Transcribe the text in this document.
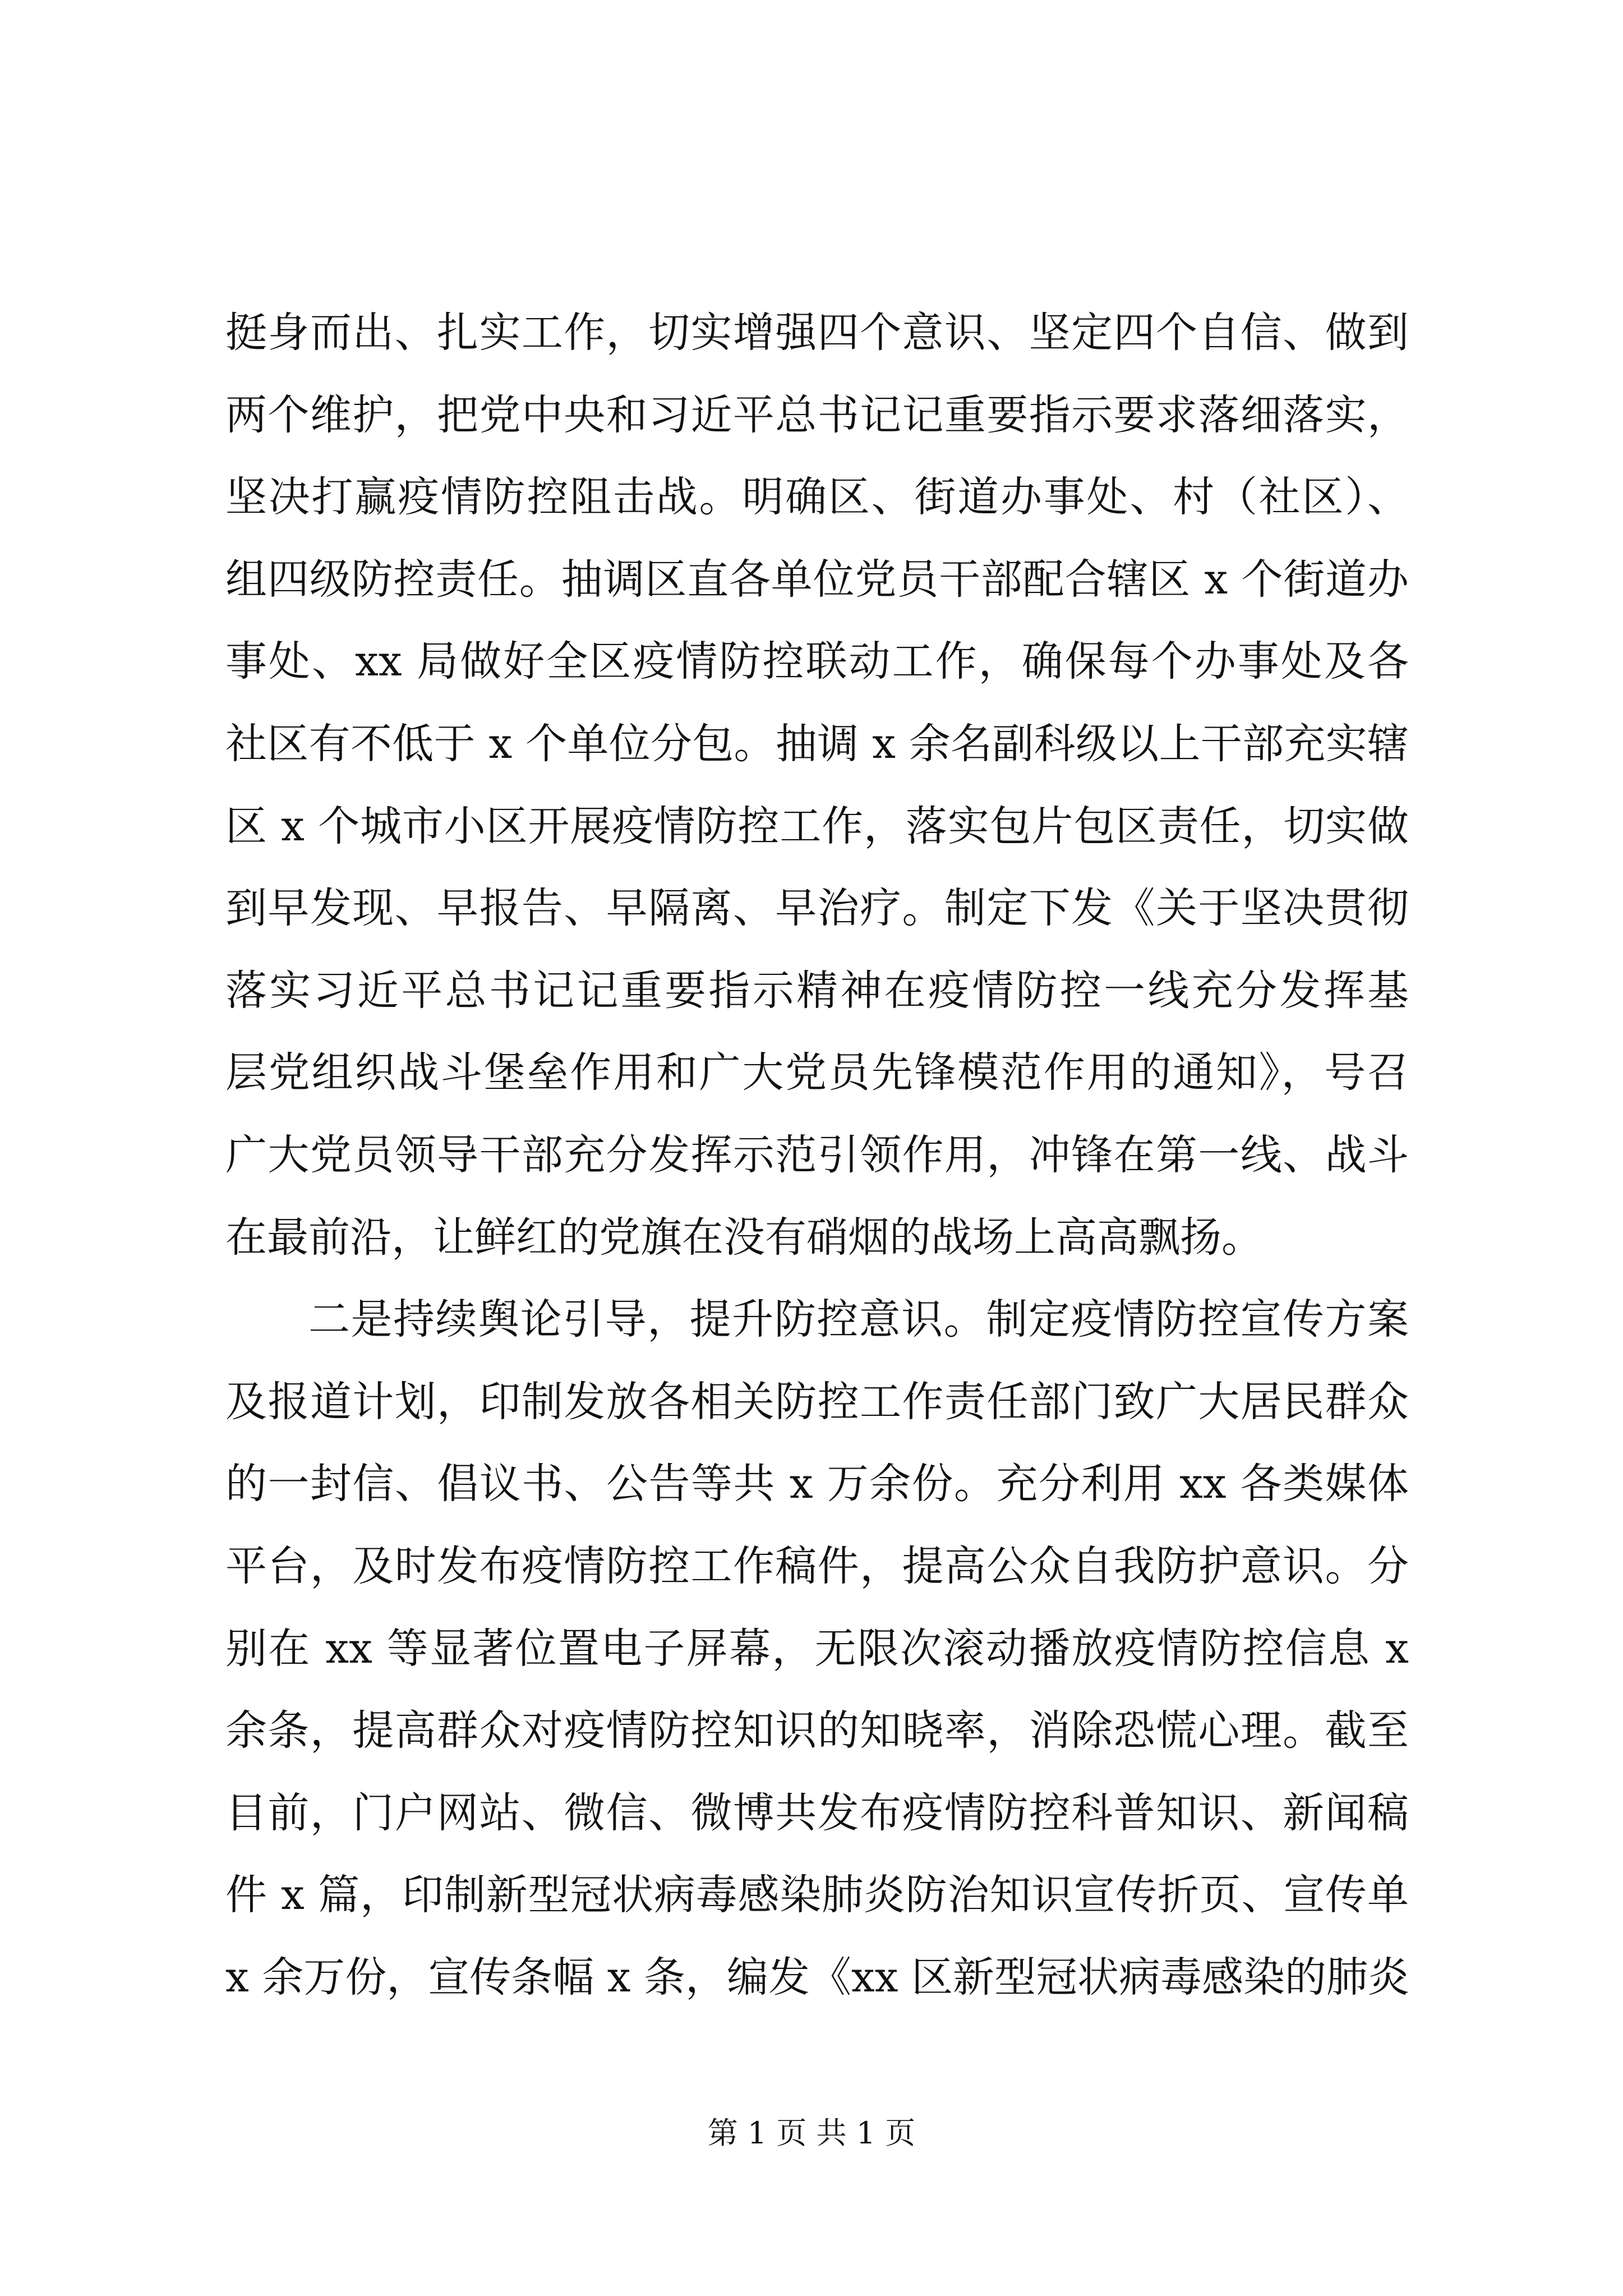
挺身而出、扎实工作，切实增强四个意识、坚定四个自信、做到
两个维护，把党中央和习近平总书记记重要指示要求落细落实，
坚决打赢疫情防控阻击战。明确区、街道办事处、村（社区）、
组四级防控责任。抽调区直各单位党员干部配合辖区 x 个街道办
事处、xx 局做好全区疫情防控联动工作，确保每个办事处及各
社区有不低于 x 个单位分包。抽调 x 余名副科级以上干部充实辖
区 x 个城市小区开展疫情防控工作，落实包片包区责任，切实做
到早发现、早报告、早隔离、早治疗。制定下发《关于坚决贯彻
落实习近平总书记记重要指示精神在疫情防控一线充分发挥基
层党组织战斗堡垒作用和广大党员先锋模范作用的通知》，号召
广大党员领导干部充分发挥示范引领作用，冲锋在第一线、战斗
在最前沿，让鲜红的党旗在没有硝烟的战场上高高飘扬。
二是持续舆论引导，提升防控意识。制定疫情防控宣传方案
及报道计划，印制发放各相关防控工作责任部门致广大居民群众
的一封信、倡议书、公告等共 x 万余份。充分利用 xx 各类媒体
平台，及时发布疫情防控工作稿件，提高公众自我防护意识。分
别在 xx 等显著位置电子屏幕，无限次滚动播放疫情防控信息 x
余条，提高群众对疫情防控知识的知晓率，消除恐慌心理。截至
目前，门户网站、微信、微博共发布疫情防控科普知识、新闻稿
件 x 篇，印制新型冠状病毒感染肺炎防治知识宣传折页、宣传单
x 余万份，宣传条幅 x 条，编发《xx 区新型冠状病毒感染的肺炎
第 1 页 共 1 页
